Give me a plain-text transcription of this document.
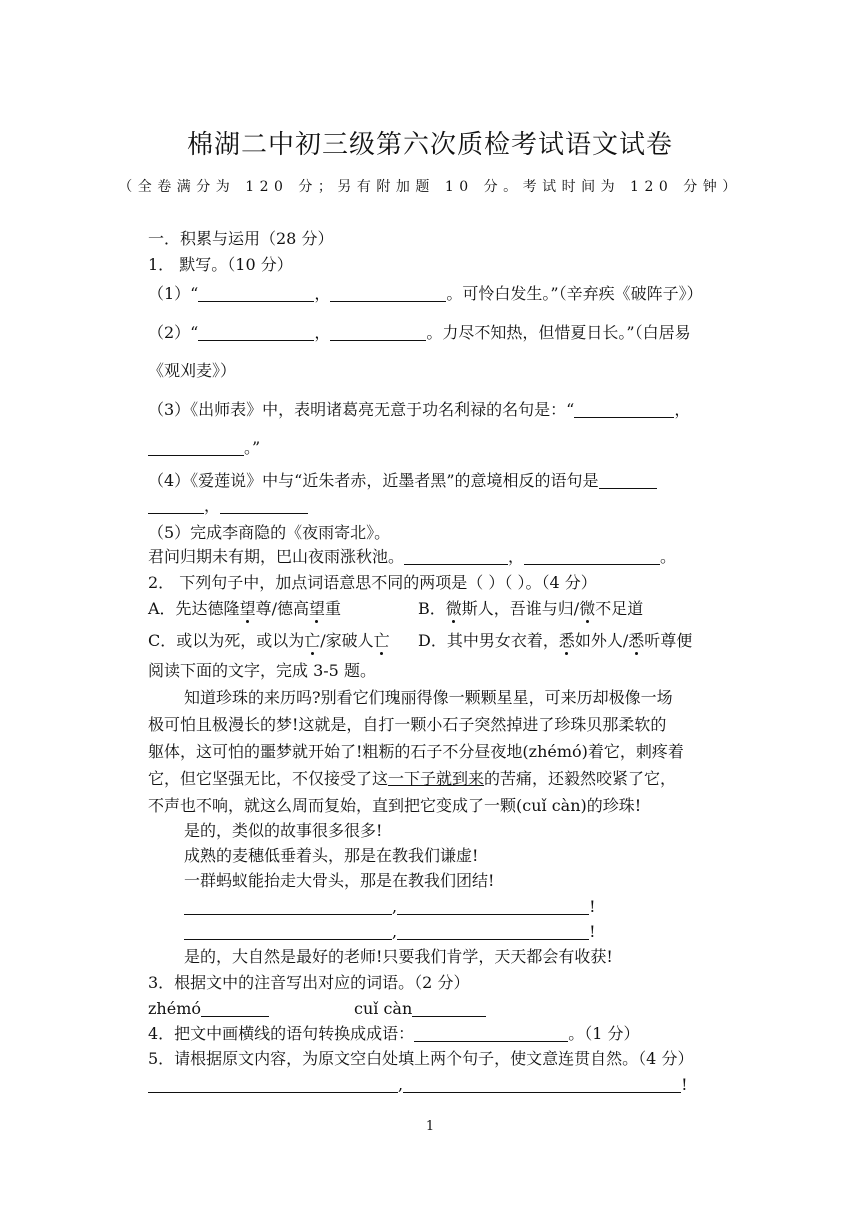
棉湖二中初三级第六次质检考试语文试卷
（全卷满分为 120 分；另有附加题 10 分。考试时间为 120 分钟）
一．积累与运用（28 分）
1． 默写。（10 分）
（1）“	，	。可怜白发生。”（辛弃疾《破阵子》）
（2）“	，	。力尽不知热，但惜夏日长。”（白居易
《观刈麦》）
（3）《出师表》中，表明诸葛亮无意于功名利禄的名句是：“	，
。”
（4）《爱莲说》中与“近朱者赤，近墨者黑”的意境相反的语句是
，
（5）完成李商隐的《夜雨寄北》。
君问归期未有期，巴山夜雨涨秋池。	，	。
2． 下列句子中，加点词语意思不同的两项是（ ）（ ）。（4 分）
A．先达德隆望尊/德高望重	B．微斯人，吾谁与归/微不足道
C．或以为死，或以为亡/家破人亡 D．其中男女衣着，悉如外人/悉听尊便
阅读下面的文字，完成 3-5 题。
知道珍珠的来历吗?别看它们瑰丽得像一颗颗星星，可来历却极像一场
极可怕且极漫长的梦!这就是，自打一颗小石子突然掉进了珍珠贝那柔软的
躯体，这可怕的噩梦就开始了!粗粝的石子不分昼夜地(zhémó)着它，刺疼着
它，但它坚强无比，不仅接受了这一下子就到来的苦痛，还毅然咬紧了它，
不声也不响，就这么周而复始，直到把它变成了一颗(cuǐ càn)的珍珠!
是的，类似的故事很多很多!
成熟的麦穗低垂着头，那是在教我们谦虚!
一群蚂蚁能抬走大骨头，那是在教我们团结!
,	!
,	!
是的，大自然是最好的老师!只要我们肯学，天天都会有收获!
3．根据文中的注音写出对应的词语。（2 分）
zhémó	cuǐ càn
4．把文中画横线的语句转换成成语：	。（1 分）
5．请根据原文内容，为原文空白处填上两个句子，使文意连贯自然。（4 分）
,	!
1
